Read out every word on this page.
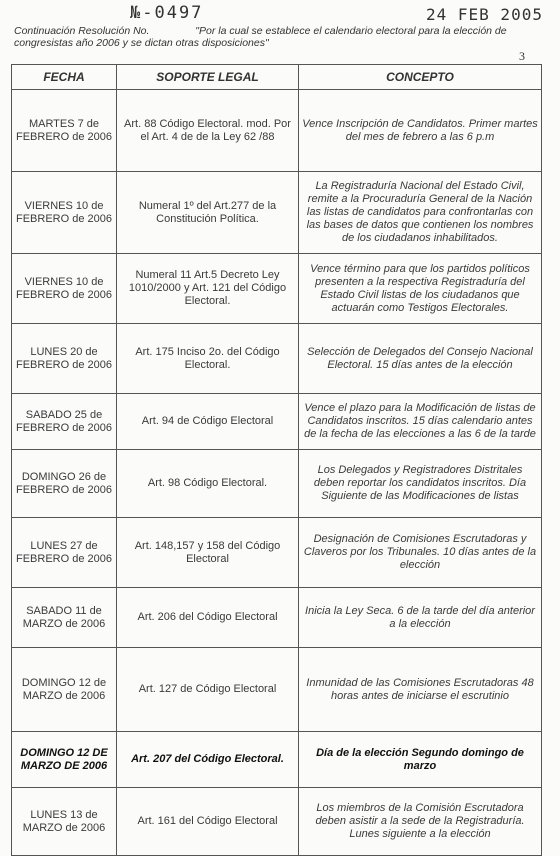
№-0497	24 FEB 2005
Continuación Resolución No.	"Por la cual se establece el calendario electoral para la elección de congresistas año 2006 y se dictan otras disposiciones"
3
FECHA	SOPORTE LEGAL	CONCEPTO
MARTES 7 de FEBRERO de 2006	Art. 88 Código Electoral. mod. Por el Art. 4 de de la Ley 62 /88	Vence Inscripción de Candidatos. Primer martes del mes de febrero a las 6 p.m
VIERNES 10 de FEBRERO de 2006	Numeral 1º del Art.277 de la Constitución Política.	La Registraduría Nacional del Estado Civil, remite a la Procuraduría General de la Nación las listas de candidatos para confrontarlas con las bases de datos que contienen los nombres de los ciudadanos inhabilitados.
VIERNES 10 de FEBRERO de 2006	Numeral 11 Art.5 Decreto Ley 1010/2000 y Art. 121 del Código Electoral.	Vence término para que los partidos políticos presenten a la respectiva Registraduría del Estado Civil listas de los ciudadanos que actuarán como Testigos Electorales.
LUNES 20 de FEBRERO de 2006	Art. 175 Inciso 2o. del Código Electoral.	Selección de Delegados del Consejo Nacional Electoral. 15 días antes de la elección
SABADO 25 de FEBRERO de 2006	Art. 94 de Código Electoral	Vence el plazo para la Modificación de listas de Candidatos inscritos. 15 días calendario antes de la fecha de las elecciones a las 6 de la tarde
DOMINGO 26 de FEBRERO de 2006	Art. 98 Código Electoral.	Los Delegados y Registradores Distritales deben reportar los candidatos inscritos. Día Siguiente de las Modificaciones de listas
LUNES 27 de FEBRERO de 2006	Art. 148,157 y 158 del Código Electoral	Designación de Comisiones Escrutadoras y Claveros por los Tribunales. 10 días antes de la elección
SABADO 11 de MARZO de 2006	Art. 206 del Código Electoral	Inicia la Ley Seca. 6 de la tarde del día anterior a la elección
DOMINGO 12 de MARZO de 2006	Art. 127 de Código Electoral	Inmunidad de las Comisiones Escrutadoras 48 horas antes de iniciarse el escrutinio
DOMINGO 12 DE MARZO DE 2006	Art. 207 del Código Electoral.	Día de la elección Segundo domingo de marzo
LUNES 13 de MARZO de 2006	Art. 161 del Código Electoral	Los miembros de la Comisión Escrutadora deben asistir a la sede de la Registraduría. Lunes siguiente a la elección
